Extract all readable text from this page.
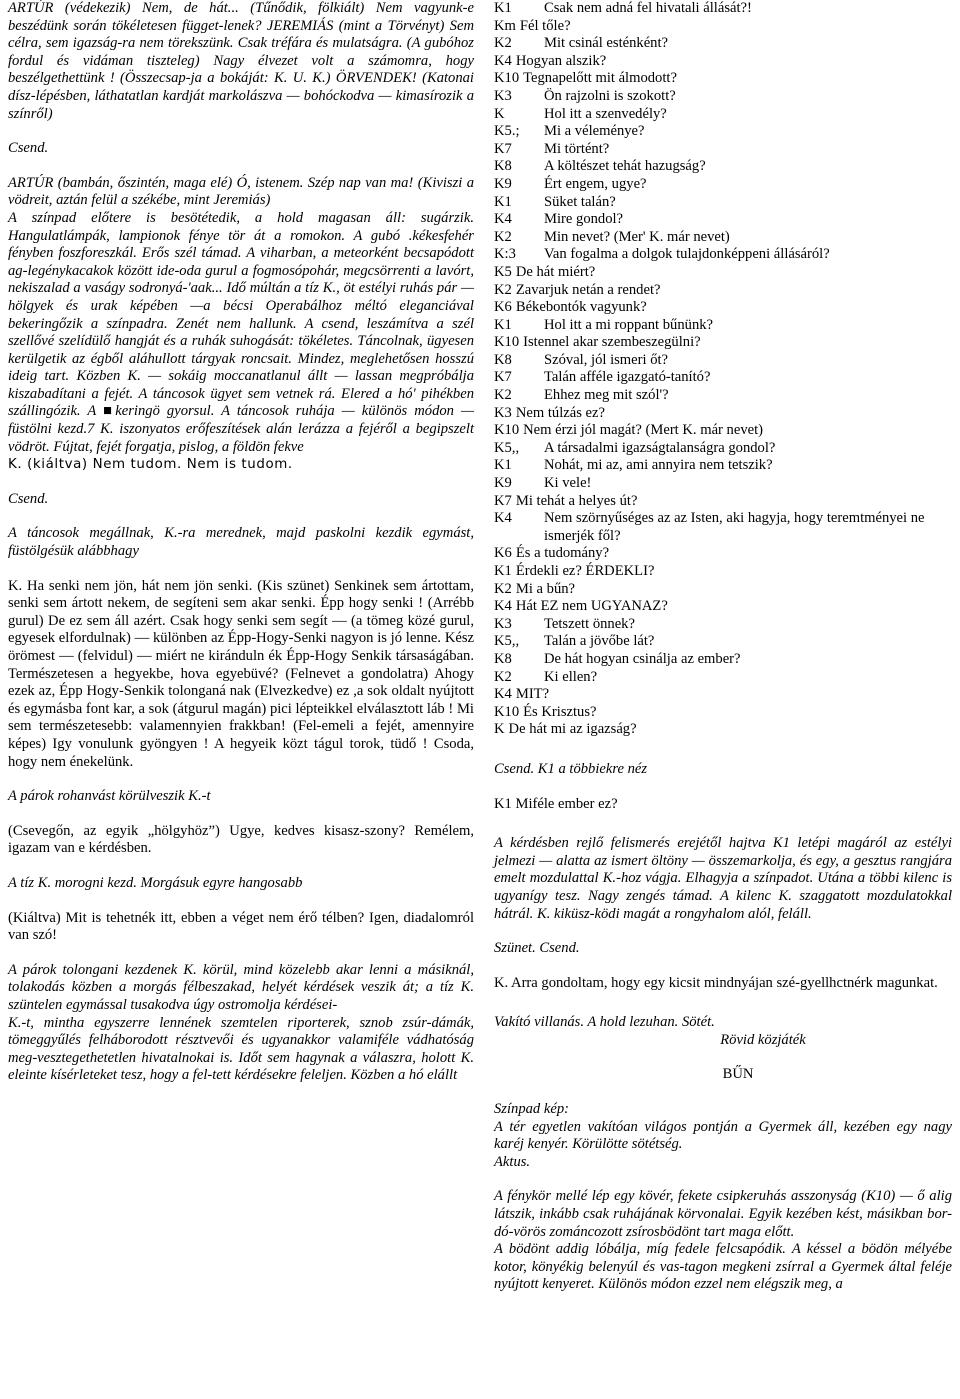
ARTÚR (védekezik) Nem, de hát... (Tűnődik, fölkiált) Nem vagyunk-e beszédünk során tökéletesen függet-lenek? JEREMIÁS (mint a Törvényt) Sem célra, sem igazság-ra nem törekszünk. Csak tréfára és mulatságra. (A gubóhoz fordul és vidáman tiszteleg) Nagy élvezet volt a számomra, hogy beszélgethettünk ! (Összecsap-ja a bokáját: K. U. K.) ÖRVENDEK! (Katonai dísz-lépésben, láthatatlan kardját markolászva — bohóckodva — kimasírozik a színről)

Csend.

ARTÚR (bambán, őszintén, maga elé) Ó, istenem. Szép nap van ma! (Kiviszi a vödreit, aztán felül a székébe, mint Jeremiás)

A színpad előtere is besötétedik, a hold magasan áll: sugárzik. Hangulatlámpák, lampionok fénye tör át a romokon. A gubó .kékesfehér fényben foszforeszkál. Erős szél támad. A viharban, a meteorként becsapódott ag-legénykacakok között ide-oda gurul a fogmosópohár, megcsörrenti a lavórt, nekiszalad a vaságy sodronyá-'aak... Idő múltán a tíz K., öt estélyi ruhás pár — hölgyek és urak képében —a bécsi Operabálhoz méltó eleganciával bekeringőzik a színpadra. Zenét nem hallunk. A csend, leszámítva a szél szellővé szelídülő hangját és a ruhák suhogását: tökéletes. Táncolnak, ügyesen kerülgetik az égből aláhullott tárgyak roncsait. Mindez, meglehetősen hosszú ideig tart. Közben K. — sokáig moccanatlanul állt — lassan megpróbálja kiszabadítani a fejét. A táncosok ügyet sem vetnek rá. Elered a hó' pihékben szállingózik. A ■keringö gyorsul. A táncosok ruhája — különös módon — füstölni kezd.7 K. iszonyatos erőfeszítések alán lerázza a fejéről a begipszelt vödröt. Fújtat, fejét forgatja, pislog, a földön fekve

K. (kiáltva) Nem tudom. Nem is tudom.

Csend.

A táncosok megállnak, K.-ra merednek, majd paskolni kezdik egymást, füstölgésük alábbhagy

K. Ha senki nem jön, hát nem jön senki. (Kis szünet) Senkinek sem ártottam, senki sem ártott nekem, de segíteni sem akar senki. Épp hogy senki ! (Arrébb gurul) De ez sem áll azért. Csak hogy senki sem segít — (a tömeg közé gurul, egyesek elfordulnak) — különben az Épp-Hogy-Senki nagyon is jó lenne. Kész örömest — (felvidul) — miért ne kiránduln ék Épp-Hogy Senkik társaságában. Természetesen a hegyekbe, hova egyebüvé? (Felnevet a gondolatra) Ahogy ezek az, Épp Hogy-Senkik tolonganá nak (Elvezkedve) ez ,a sok oldalt nyújtott és egymásba font kar, a sok (átgurul magán) pici lépteikkel elválasztott láb ! Mi sem természetesebb: valamennyien frakkban! (Fel-emeli a fejét, amennyire képes) Igy vonulunk gyöngyen ! A hegyeik közt tágul torok, tüdő ! Csoda, hogy nem énekelünk.

A párok rohanvást körülveszik K.-t

(Csevegőn, az egyik „hölgyhöz”) Ugye, kedves kisasz-szony? Remélem, igazam van e kérdésben.

A tíz K. morogni kezd. Morgásuk egyre hangosabb

(Kiáltva) Mit is tehetnék itt, ebben a véget nem érő télben? Igen, diadalomról van szó!

A párok tolongani kezdenek K. körül, mind közelebb akar lenni a másiknál, tolakodás közben a morgás félbeszakad, helyét kérdések veszik át; a tíz K. szüntelen egymással tusakodva úgy ostromolja kérdései-

K.-t, mintha egyszerre lennének szemtelen riporterek, sznob zsúr-dámák, tömeggyűlés felháborodott résztvevői és ugyanakkor valamiféle vádhatóság meg-vesztegethetetlen hivatalnokai is. Időt sem hagynak a válaszra, holott K. eleinte kísérleteket tesz, hogy a fel-tett kérdésekre feleljen. Közben a hó elállt

K1	Csak nem adná fel hivatali állását?!
Km Fél tőle?
K2	Mit csinál esténként?
K4 Hogyan alszik?
K10 Tegnapelőtt mit álmodott?
K3	Ön rajzolni is szokott?
K	Hol itt a szenvedély?
K5.;	Mi a véleménye?
K7	Mi történt?
K8	A költészet tehát hazugság?
K9	Ért engem, ugye?
K1	Süket talán?
K4	Mire gondol?
K2	Min nevet? (Mer' K. már nevet)
K:3	Van fogalma a dolgok tulajdonképpeni állásáról?
K5 De hát miért?
K2 Zavarjuk netán a rendet?
K6 Békebontók vagyunk?
K1	Hol itt a mi roppant bűnünk?
K10 Istennel akar szembeszegülni?
K8	Szóval, jól ismeri őt?
K7	Talán afféle igazgató-tanító?
K2	Ehhez meg mit szól'?
K3 Nem túlzás ez?
K10 Nem érzi jól magát? (Mert K. már nevet)
K5,,	A társadalmi igazságtalanságra gondol?
K1	Nohát, mi az, ami annyira nem tetszik?
K9	Ki vele!
K7 Mi tehát a helyes út?
K4	Nem szörnyűséges az az Isten, aki hagyja, hogy teremtményei ne ismerjék fől?
K6 És a tudomány?
K1 Érdekli ez? ÉRDEKLI?
K2 Mi a bűn?
K4 Hát EZ nem UGYANAZ?
K3	Tetszett önnek?
K5,,	Talán a jövőbe lát?
K8	De hát hogyan csinálja az ember?
K2	Ki ellen?
K4 MIT?
K10 És Krisztus?
K De hát mi az igazság?

Csend. K1 a többiekre néz

K1 Miféle ember ez?

A kérdésben rejlő felismerés erejétől hajtva K1 letépi magáról az estélyi jelmezi — alatta az ismert öltöny — összemarkolja, és egy, a gesztus rangjára emelt mozdulattal K.-hoz vágja. Elhagyja a színpadot. Utána a többi kilenc is ugyanígy tesz. Nagy zengés támad. A kilenc K. szaggatott mozdulatokkal hátrál. K. kiküsz-ködi magát a rongyhalom alól, feláll.

Szünet. Csend.

K. Arra gondoltam, hogy egy kicsit mindnyájan szé-gyellhctnérk magunkat.

Vakító villanás. A hold lezuhan. Sötét.

Rövid közjáték

BŰN

Színpad kép:

A tér egyetlen vakítóan világos pontján a Gyermek áll, kezében egy nagy karéj kenyér. Körülötte sötétség.

Aktus.

A fénykör mellé lép egy kövér, fekete csipkeruhás asszonyság (K10) — ő alig látszik, inkább csak ruhájának körvonalai. Egyik kezében kést, másikban bor-dó-vörös zománcozott zsírosbödönt tart maga előtt.

A bödönt addig lóbálja, míg fedele felcsapódik. A késsel a bödön mélyébe kotor, könyékig belenyúl és vas-tagon megkeni zsírral a Gyermek által feléje nyújtott kenyeret. Különös módon ezzel nem elégszik meg, a
